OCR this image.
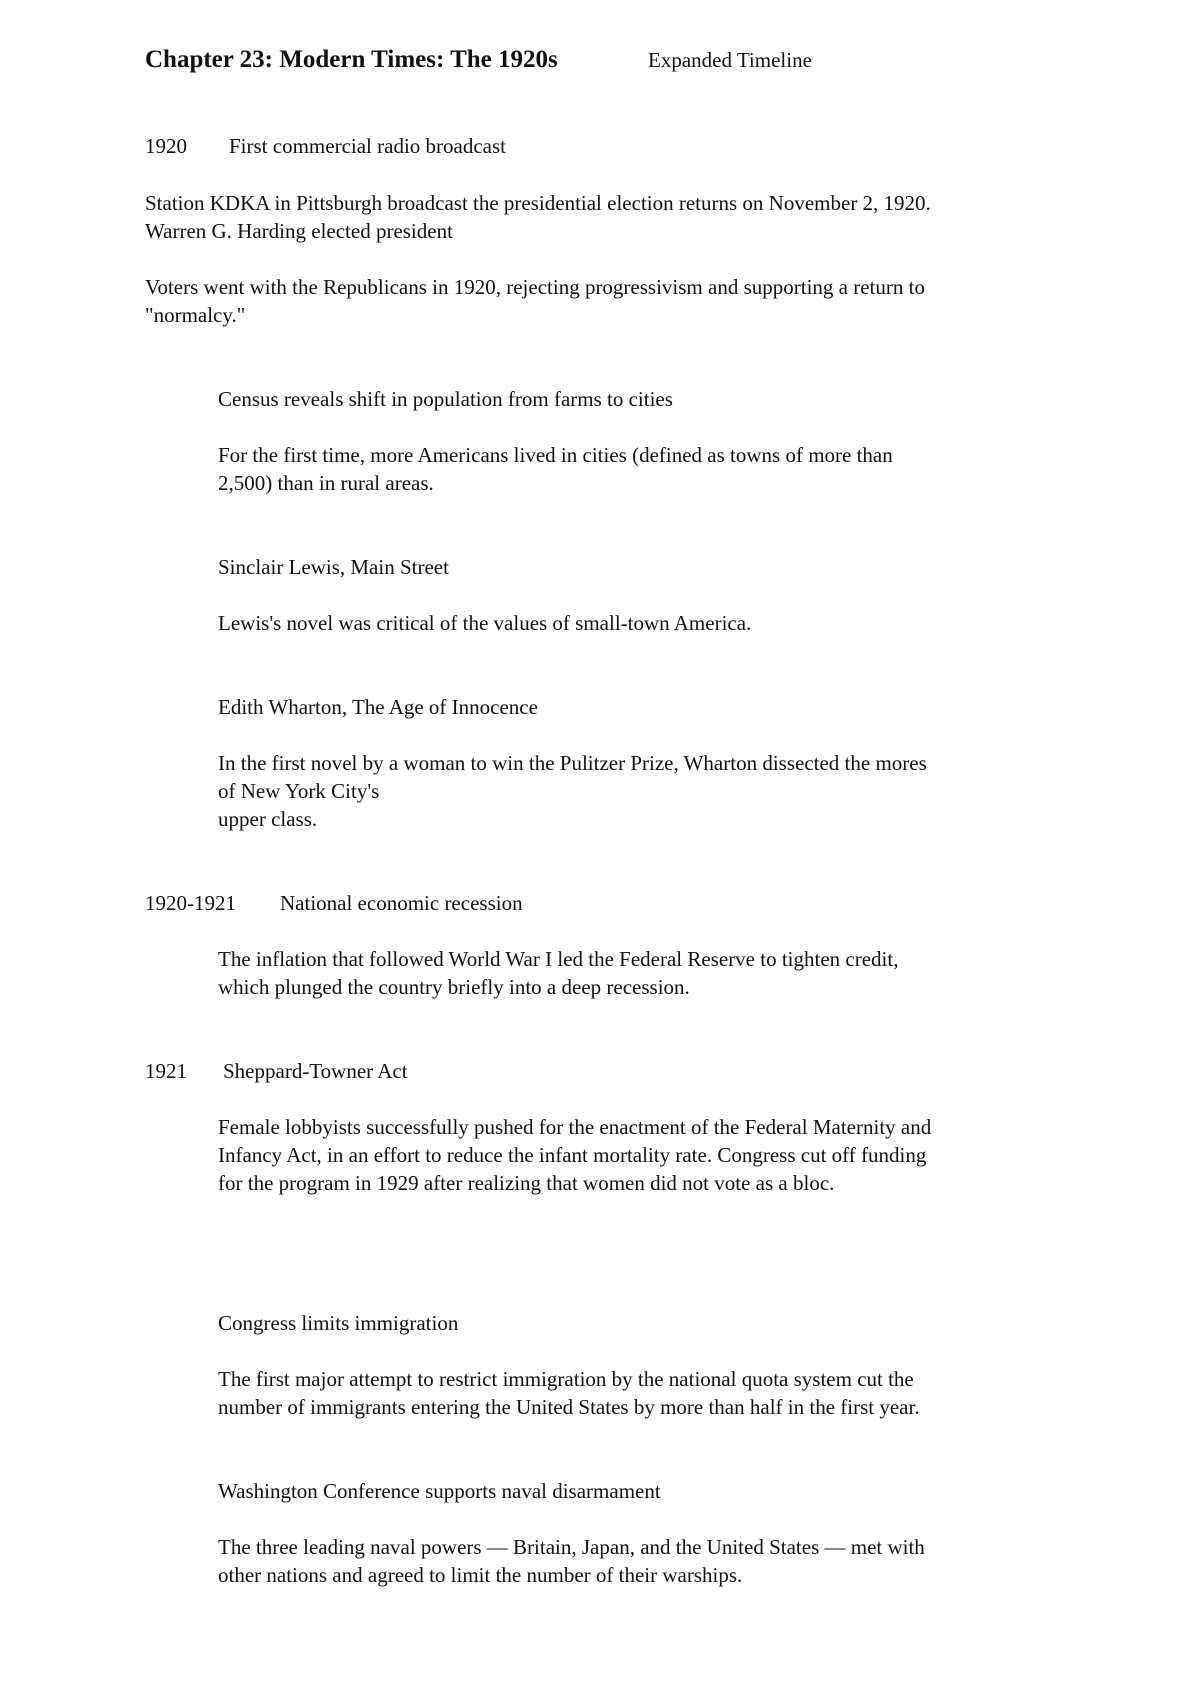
Chapter 23: Modern Times: The 1920s	Expanded Timeline
1920 First commercial radio broadcast
Station KDKA in Pittsburgh broadcast the presidential election returns on November 2, 1920.
Warren G. Harding elected president
Voters went with the Republicans in 1920, rejecting progressivism and supporting a return to
"normalcy."
Census reveals shift in population from farms to cities
For the first time, more Americans lived in cities (defined as towns of more than
2,500) than in rural areas.
Sinclair Lewis, Main Street
Lewis's novel was critical of the values of small-town America.
Edith Wharton, The Age of Innocence
In the first novel by a woman to win the Pulitzer Prize, Wharton dissected the mores
of New York City's
upper class.
1920-1921 National economic recession
The inflation that followed World War I led the Federal Reserve to tighten credit,
which plunged the country briefly into a deep recession.
1921 Sheppard-Towner Act
Female lobbyists successfully pushed for the enactment of the Federal Maternity and
Infancy Act, in an effort to reduce the infant mortality rate. Congress cut off funding
for the program in 1929 after realizing that women did not vote as a bloc.
Congress limits immigration
The first major attempt to restrict immigration by the national quota system cut the
number of immigrants entering the United States by more than half in the first year.
Washington Conference supports naval disarmament
The three leading naval powers — Britain, Japan, and the United States — met with
other nations and agreed to limit the number of their warships.
